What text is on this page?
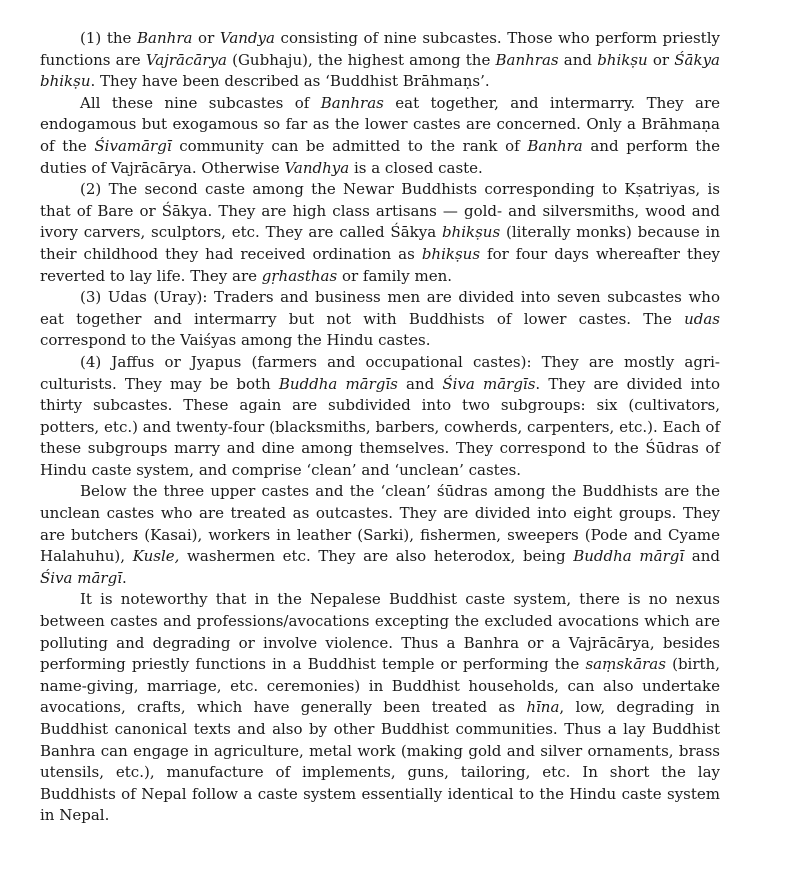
(1) the Banhra or Vandya consisting of nine subcastes. Those who perform priestly functions are Vajrācārya (Gubhaju), the highest among the Banhras and bhikṣu or Śākya bhikṣu. They have been described as ‘Buddhist Brāhmaṇs’.

All these nine subcastes of Banhras eat together, and intermarry. They are endogamous but exogamous so far as the lower castes are concerned. Only a Brāhmaṇa of the Śivamārgī community can be admitted to the rank of Banhra and perform the duties of Vajrācārya. Otherwise Vandhya is a closed caste.

(2) The second caste among the Newar Buddhists corresponding to Kṣatriyas, is that of Bare or Śākya. They are high class artisans — gold- and silversmiths, wood and ivory carvers, sculptors, etc. They are called Śākya bhikṣus (literally monks) because in their childhood they had received ordination as bhikṣus for four days whereafter they reverted to lay life. They are gṛhasthas or family men.

(3) Udas (Uray): Traders and business men are divided into seven subcastes who eat together and intermarry but not with Buddhists of lower castes. The udas correspond to the Vaiśyas among the Hindu castes.

(4) Jaffus or Jyapus (farmers and occupational castes): They are mostly agri-culturists. They may be both Buddha mārgīs and Śiva mārgīs. They are divided into thirty subcastes. These again are subdivided into two subgroups: six (cultivators, potters, etc.) and twenty-four (blacksmiths, barbers, cowherds, carpenters, etc.). Each of these subgroups marry and dine among themselves. They correspond to the Śūdras of Hindu caste system, and comprise ‘clean’ and ‘unclean’ castes.

Below the three upper castes and the ‘clean’ śūdras among the Buddhists are the unclean castes who are treated as outcastes. They are divided into eight groups. They are butchers (Kasai), workers in leather (Sarki), fishermen, sweepers (Pode and Cyame Halahuhu), Kusle, washermen etc. They are also heterodox, being Buddha mārgī and Śiva mārgī.

It is noteworthy that in the Nepalese Buddhist caste system, there is no nexus between castes and professions/avocations excepting the excluded avocations which are polluting and degrading or involve violence. Thus a Banhra or a Vajrācārya, besides performing priestly functions in a Buddhist temple or performing the saṃskāras (birth, name-giving, marriage, etc. ceremonies) in Buddhist households, can also undertake avocations, crafts, which have generally been treated as hīna, low, degrading in Buddhist canonical texts and also by other Buddhist communities. Thus a lay Buddhist Banhra can engage in agriculture, metal work (making gold and silver ornaments, brass utensils, etc.), manufacture of implements, guns, tailoring, etc. In short the lay Buddhists of Nepal follow a caste system essentially identical to the Hindu caste system in Nepal.
